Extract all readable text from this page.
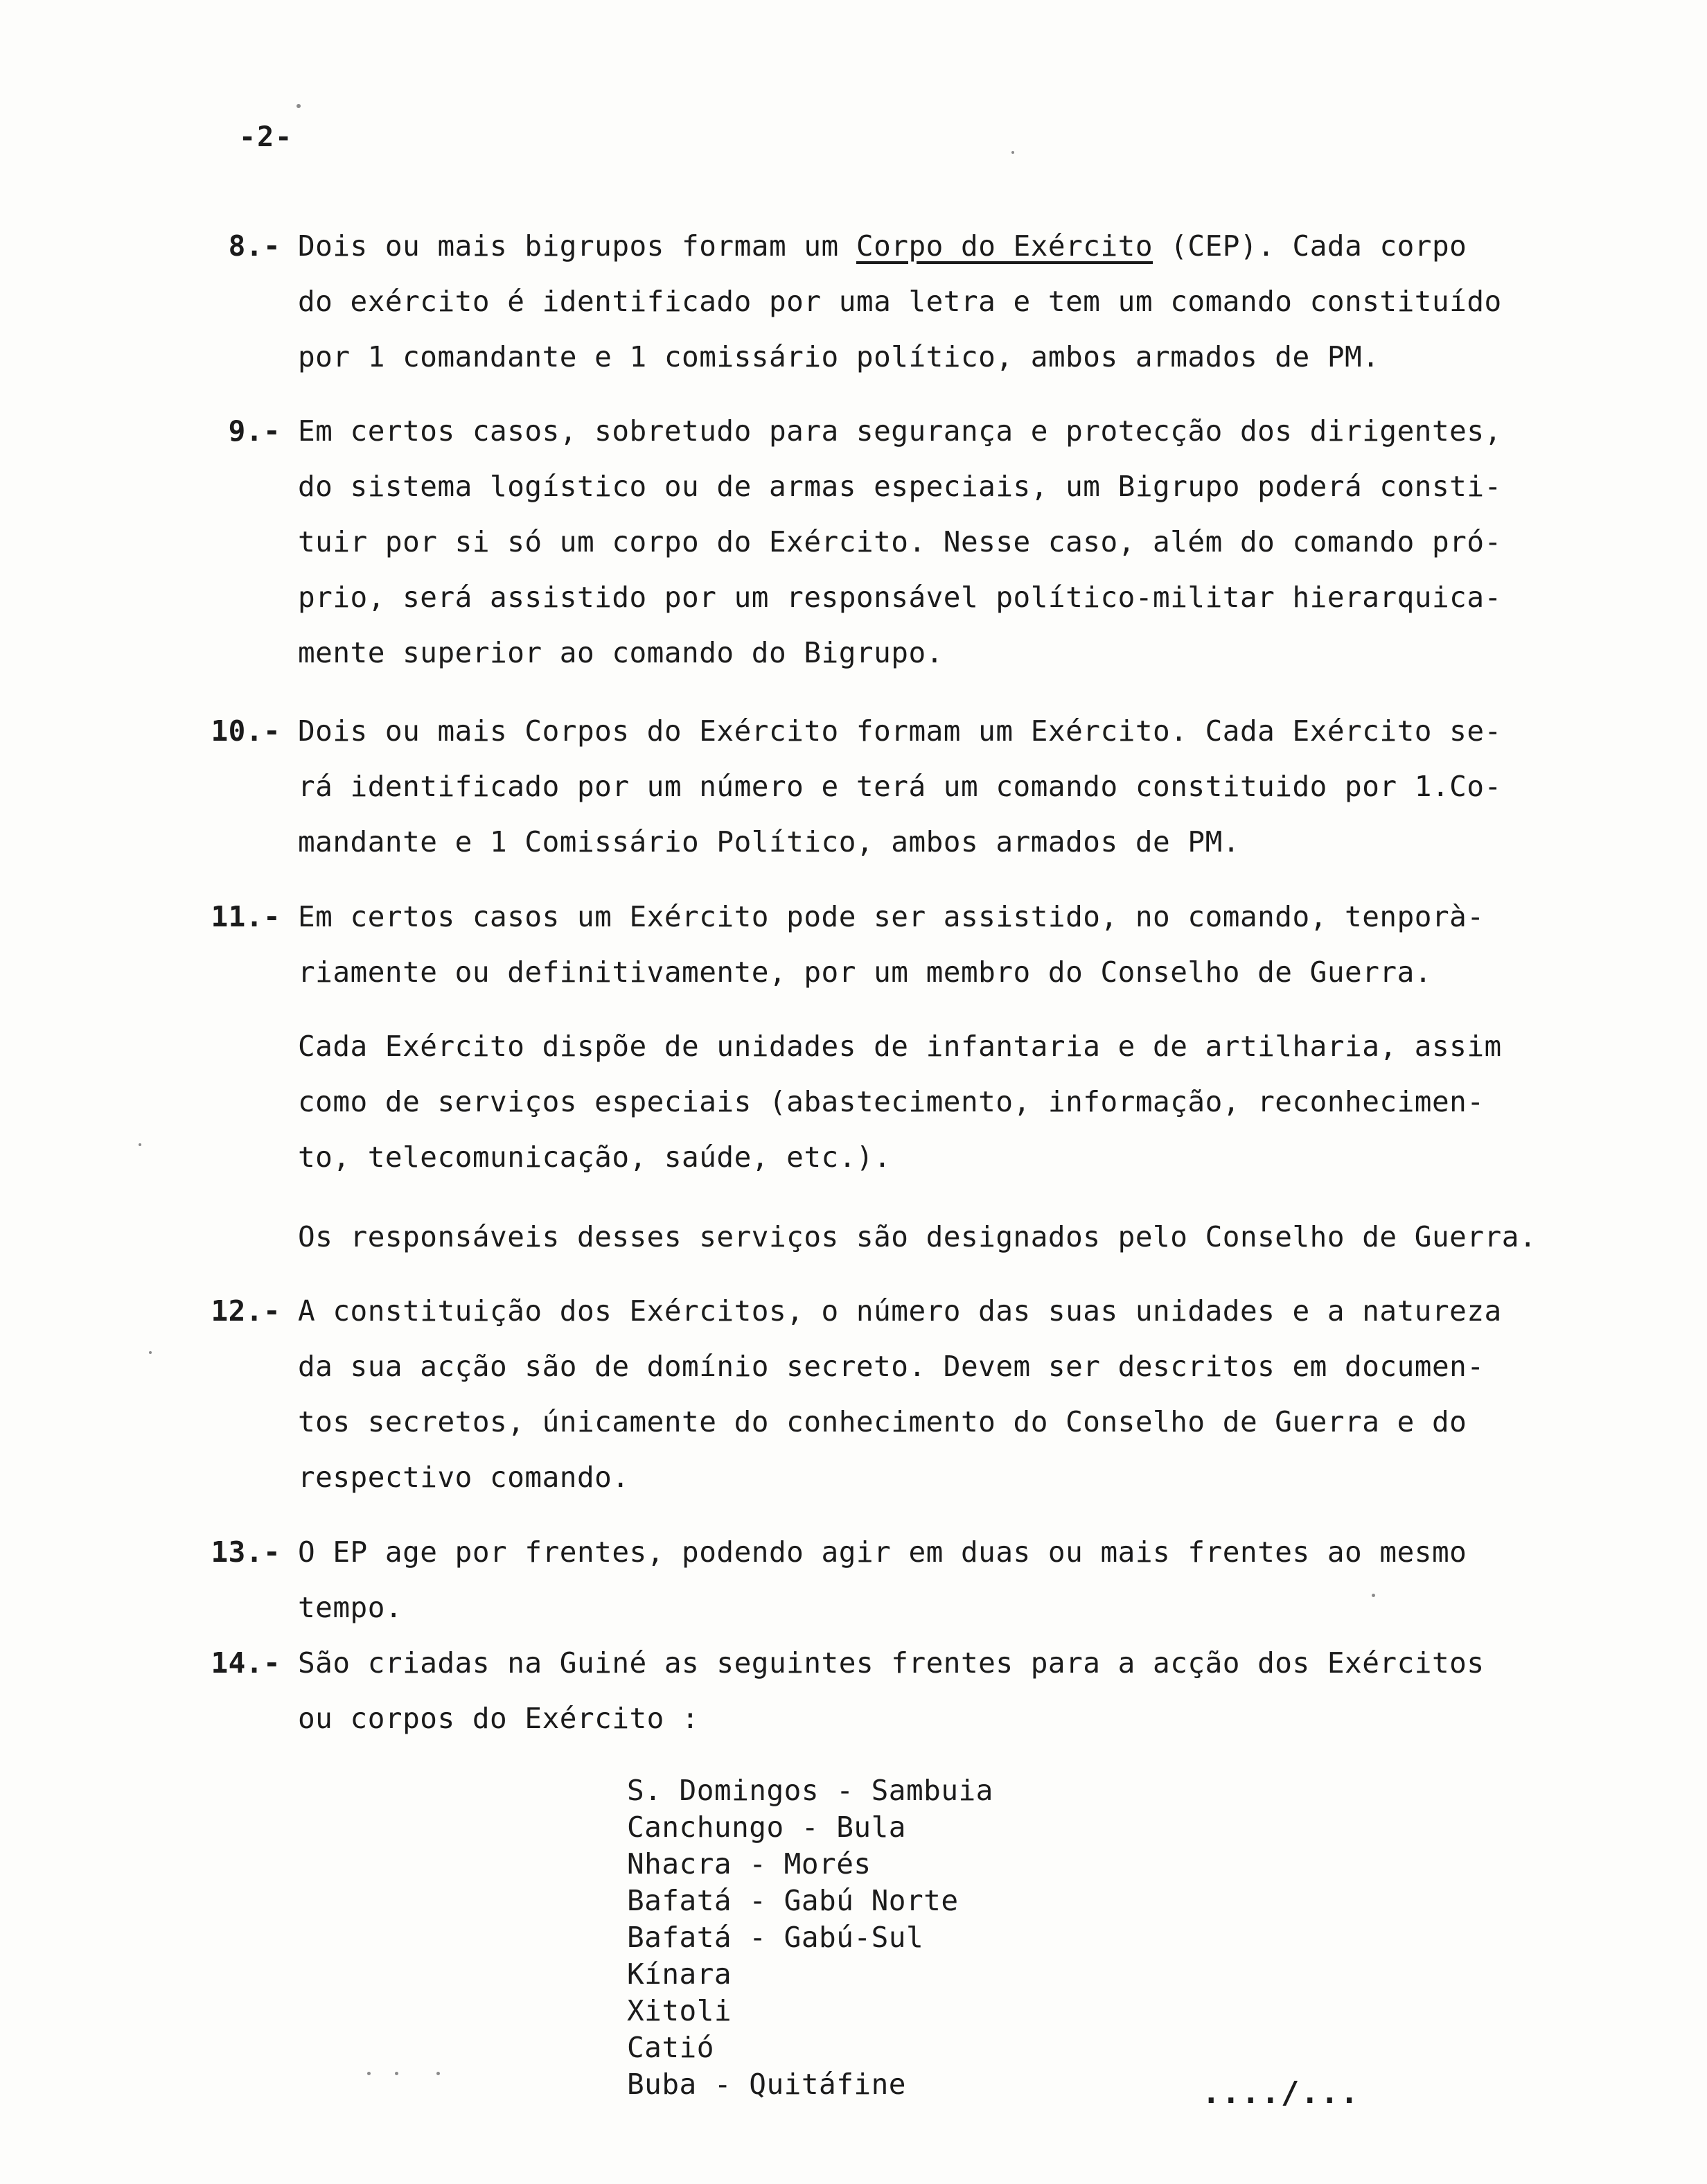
-2-
8. - Dois ou mais bigrupos formam um Corpo do Exército (CEP). Cada corpo
do exército é identificado por uma letra e tem um comando constituído
por 1 comandante e 1 comissário político, ambos armados de PM.
9. - Em certos casos, sobretudo para segurança e protecção dos dirigentes,
do sistema logístico ou de armas especiais, um Bigrupo poderá consti-
tuir por si só um corpo do Exército. Nesse caso, além do comando pró-
prio, será assistido por um responsável político-militar hierarquica-
mente superior ao comando do Bigrupo.
10. - Dois ou mais Corpos do Exército formam um Exército. Cada Exército se-
rá identificado por um número e terá um comando constituido por 1.Co-
mandante e 1 Comissário Político, ambos armados de PM.
11. - Em certos casos um Exército pode ser assistido, no comando, tenporà-
riamente ou definitivamente, por um membro do Conselho de Guerra.
Cada Exército dispõe de unidades de infantaria e de artilharia, assim
como de serviços especiais (abastecimento, informação, reconhecimen-
to, telecomunicação, saúde, etc.).
Os responsáveis desses serviços são designados pelo Conselho de Guerra.
12. - A constituição dos Exércitos, o número das suas unidades e a natureza
da sua acção são de domínio secreto. Devem ser descritos em documen-
tos secretos, únicamente do conhecimento do Conselho de Guerra e do
respectivo comando.
13. - O EP age por frentes, podendo agir em duas ou mais frentes ao mesmo
tempo.
14. - São criadas na Guiné as seguintes frentes para a acção dos Exércitos
ou corpos do Exército :
S. Domingos - Sambuia
Canchungo - Bula
Nhacra - Morés
Bafatá - Gabú Norte
Bafatá - Gabú-Sul
Kínara
Xitoli
Catió
Buba - Quitáfine	..../...
